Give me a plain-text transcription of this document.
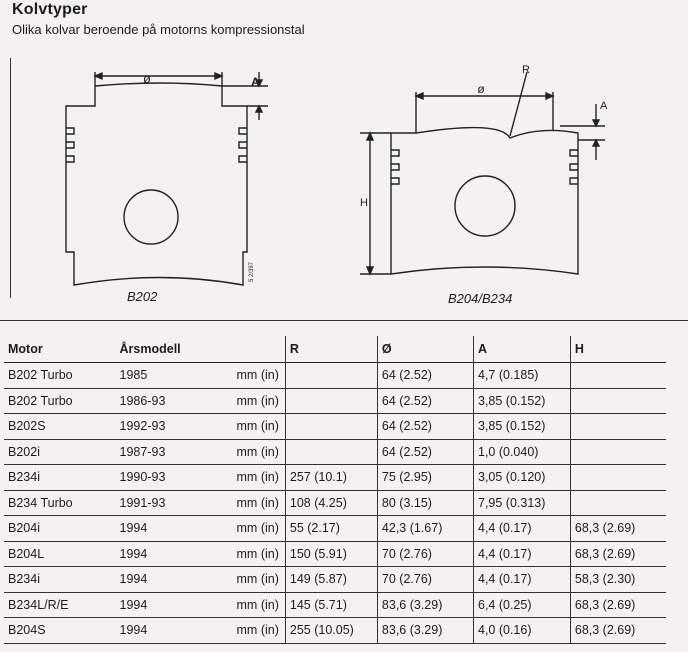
Kolvtyper
Olika kolvar beroende på motorns kompressionstal
ø	A
5 2/397
ø
R
A
H
B202	B204/B234
Motor	Årsmodell		R	Ø	A	H
B202 Turbo	1985	mm (in)		64 (2.52)	4,7 (0.185)	
B202 Turbo	1986-93	mm (in)		64 (2.52)	3,85 (0.152)	
B202S	1992-93	mm (in)		64 (2.52)	3,85 (0.152)	
B202i	1987-93	mm (in)		64 (2.52)	1,0 (0.040)	
B234i	1990-93	mm (in)	257 (10.1)	75 (2.95)	3,05 (0.120)	
B234 Turbo	1991-93	mm (in)	108 (4.25)	80 (3.15)	7,95 (0.313)	
B204i	1994	mm (in)	55 (2.17)	42,3 (1.67)	4,4 (0.17)	68,3 (2.69)
B204L	1994	mm (in)	150 (5.91)	70 (2.76)	4,4 (0.17)	68,3 (2.69)
B234i	1994	mm (in)	149 (5.87)	70 (2.76)	4,4 (0.17)	58,3 (2.30)
B234L/R/E	1994	mm (in)	145 (5.71)	83,6 (3.29)	6,4 (0.25)	68,3 (2.69)
B204S	1994	mm (in)	255 (10.05)	83,6 (3.29)	4,0 (0.16)	68,3 (2.69)
